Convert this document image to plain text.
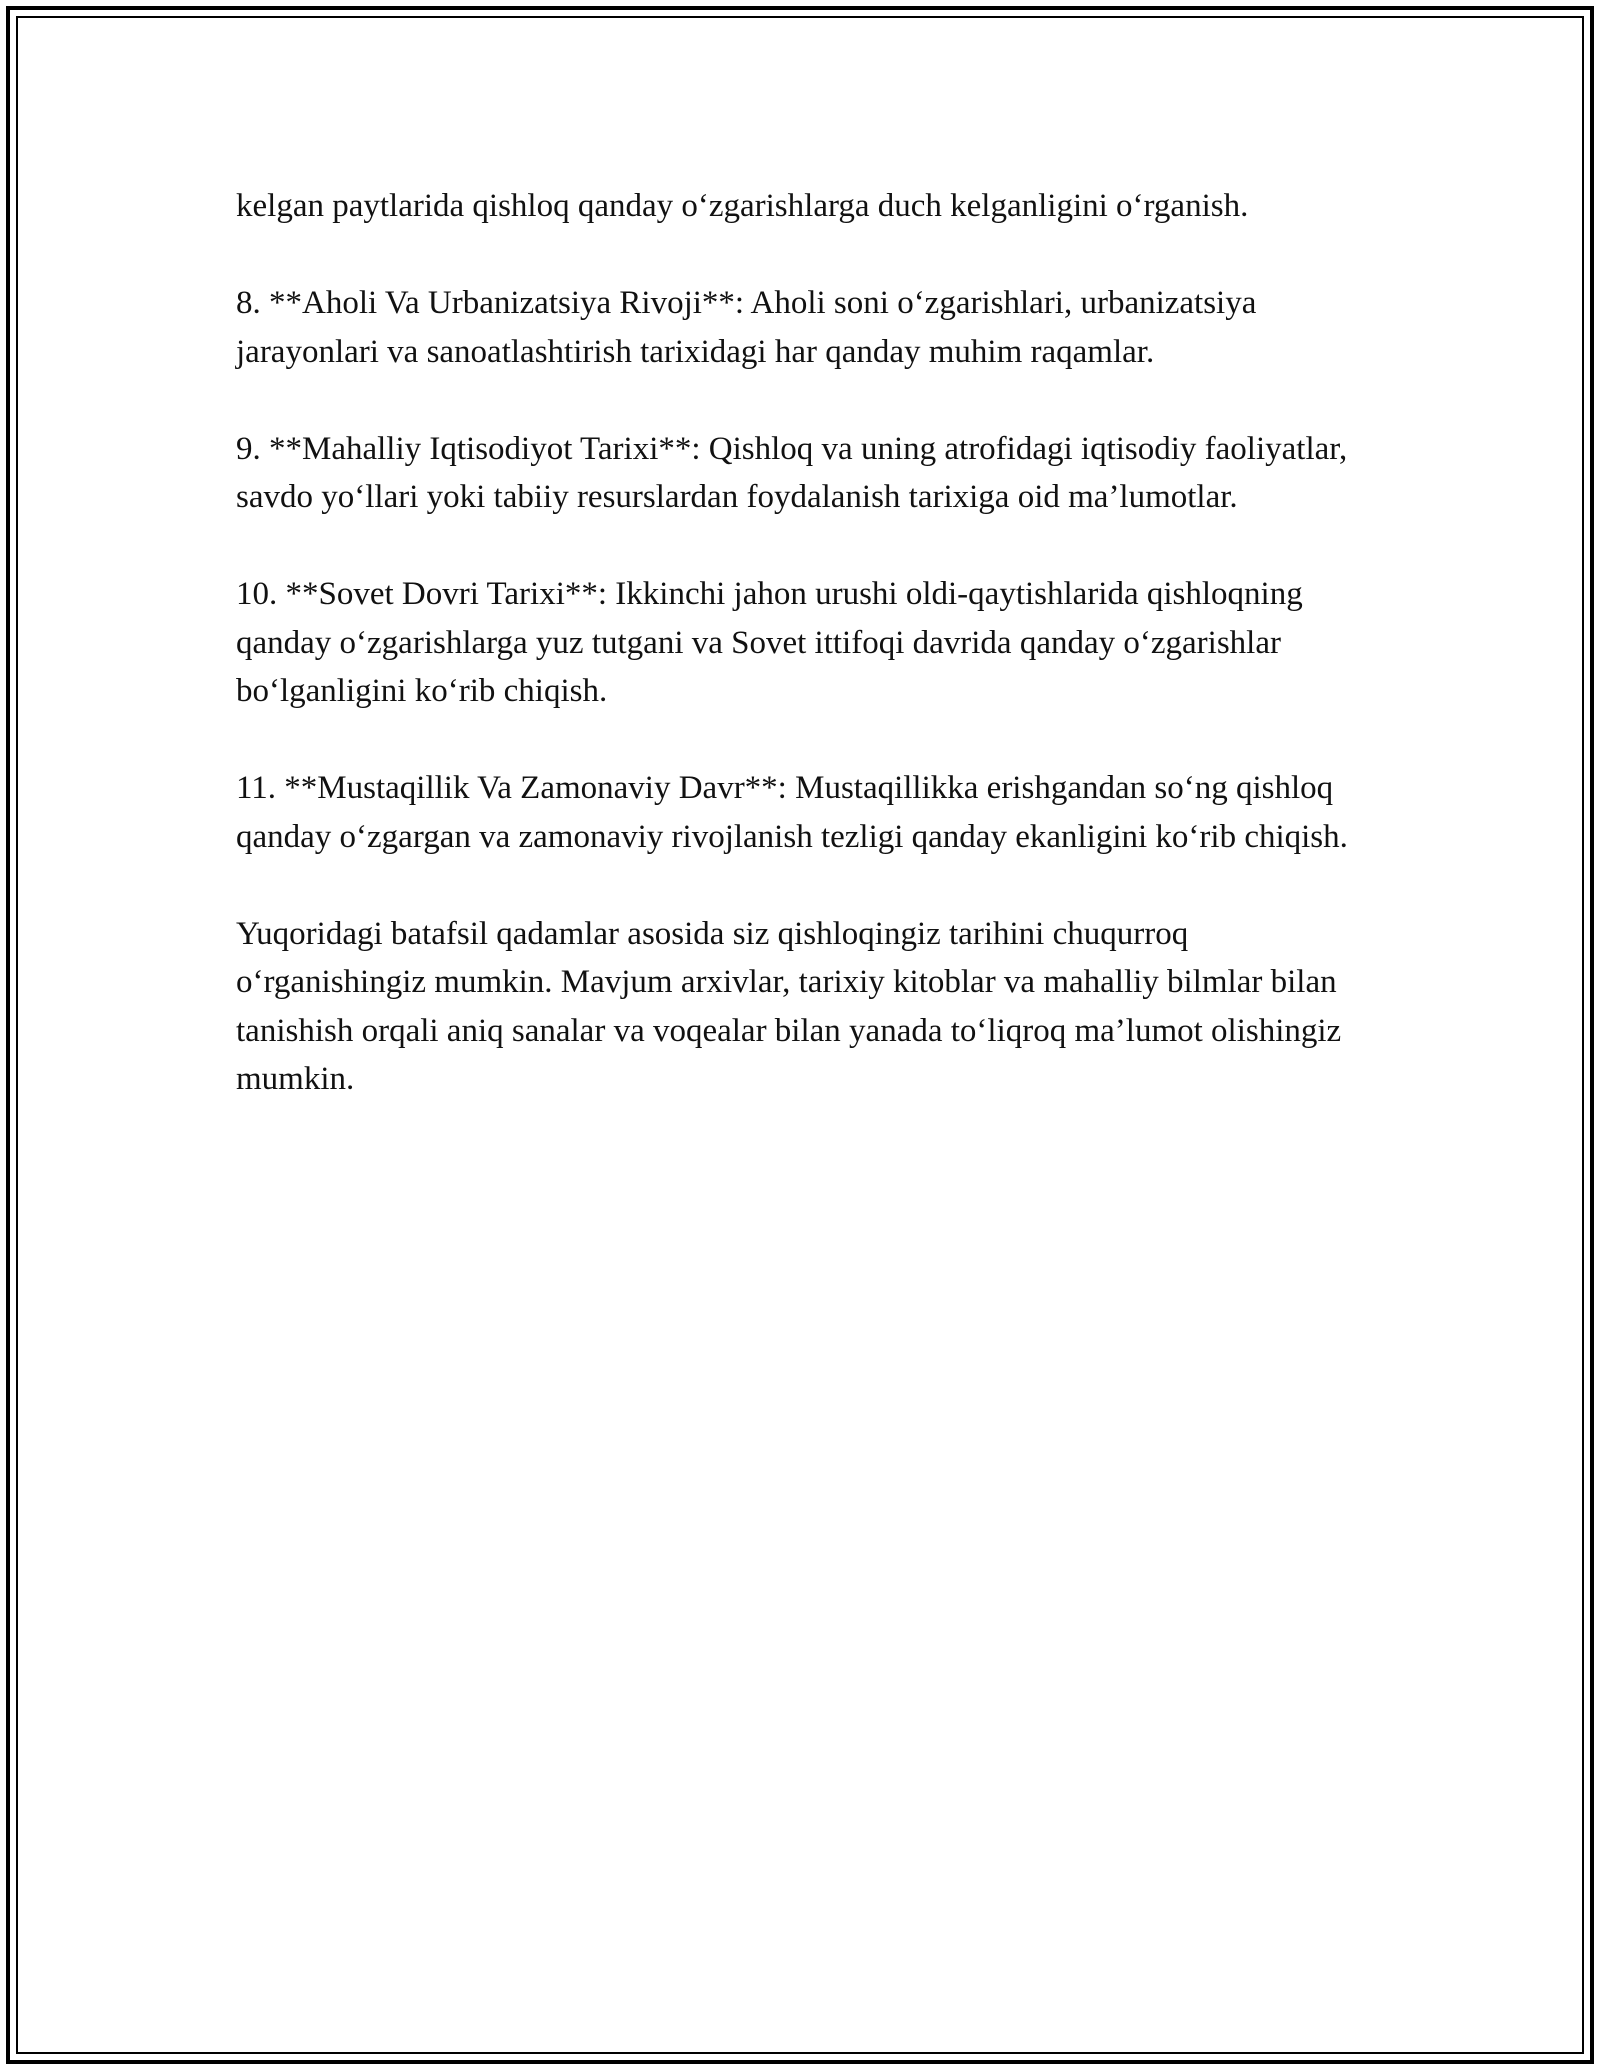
kelgan paytlarida qishloq qanday o‘zgarishlarga duch kelganligini o‘rganish.

8. **Aholi Va Urbanizatsiya Rivoji**: Aholi soni o‘zgarishlari, urbanizatsiya jarayonlari va sanoatlashtirish tarixidagi har qanday muhim raqamlar.

9. **Mahalliy Iqtisodiyot Tarixi**: Qishloq va uning atrofidagi iqtisodiy faoliyatlar, savdo yo‘llari yoki tabiiy resurslardan foydalanish tarixiga oid ma’lumotlar.

10. **Sovet Dovri Tarixi**: Ikkinchi jahon urushi oldi-qaytishlarida qishloqning qanday o‘zgarishlarga yuz tutgani va Sovet ittifoqi davrida qanday o‘zgarishlar bo‘lganligini ko‘rib chiqish.

11. **Mustaqillik Va Zamonaviy Davr**: Mustaqillikka erishgandan so‘ng qishloq qanday o‘zgargan va zamonaviy rivojlanish tezligi qanday ekanligini ko‘rib chiqish.

Yuqoridagi batafsil qadamlar asosida siz qishloqingiz tarihini chuqurroq o‘rganishingiz mumkin. Mavjum arxivlar, tarixiy kitoblar va mahalliy bilmlar bilan tanishish orqali aniq sanalar va voqealar bilan yanada to‘liqroq ma’lumot olishingiz mumkin.
